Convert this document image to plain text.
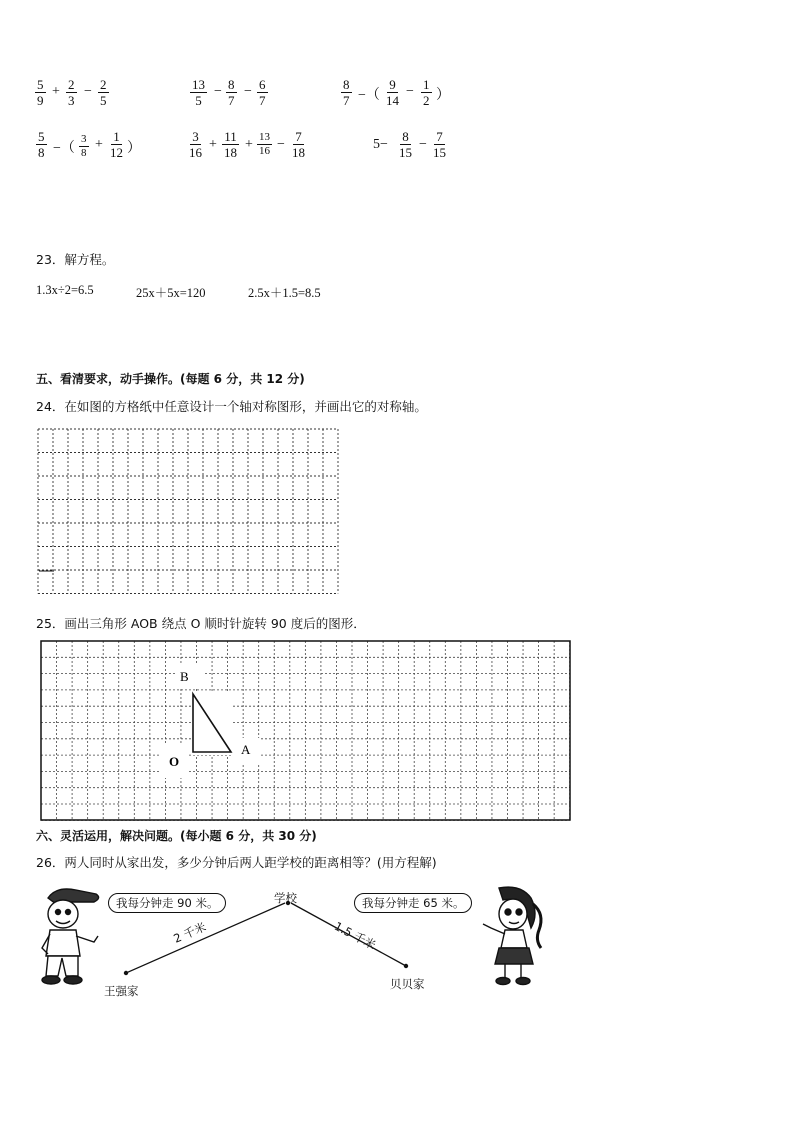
$\frac{5}{9} + \frac{2}{3} - \frac{2}{5}$	$\frac{13}{5} - \frac{8}{7} - \frac{6}{7}$	$\frac{8}{7}$ −（ $\frac{9}{14} - \frac{1}{2}$ ）
$\frac{5}{8}$ −（ $\frac{3}{8} + \frac{1}{12}$ ）	$\frac{3}{16} + \frac{11}{18} + \frac{13}{16} - \frac{7}{18}$	$5- \frac{8}{15} - \frac{7}{15}$
23．解方程。
1.3x÷2=6.5	25x＋5x=120	2.5x＋1.5=8.5
五、看清要求，动手操作。(每题 6 分，共 12 分)
24．在如图的方格纸中任意设计一个轴对称图形，并画出它的对称轴。
25．画出三角形 AOB 绕点 O 顺时针旋转 90 度后的图形．
B
A
O
六、灵活运用，解决问题。(每小题 6 分，共 30 分)
26．两人同时从家出发，多少分钟后两人距学校的距离相等？(用方程解)
学校
2 千米	1.5 千米
王强家	贝贝家
我每分钟走 90 米。	我每分钟走 65 米。
